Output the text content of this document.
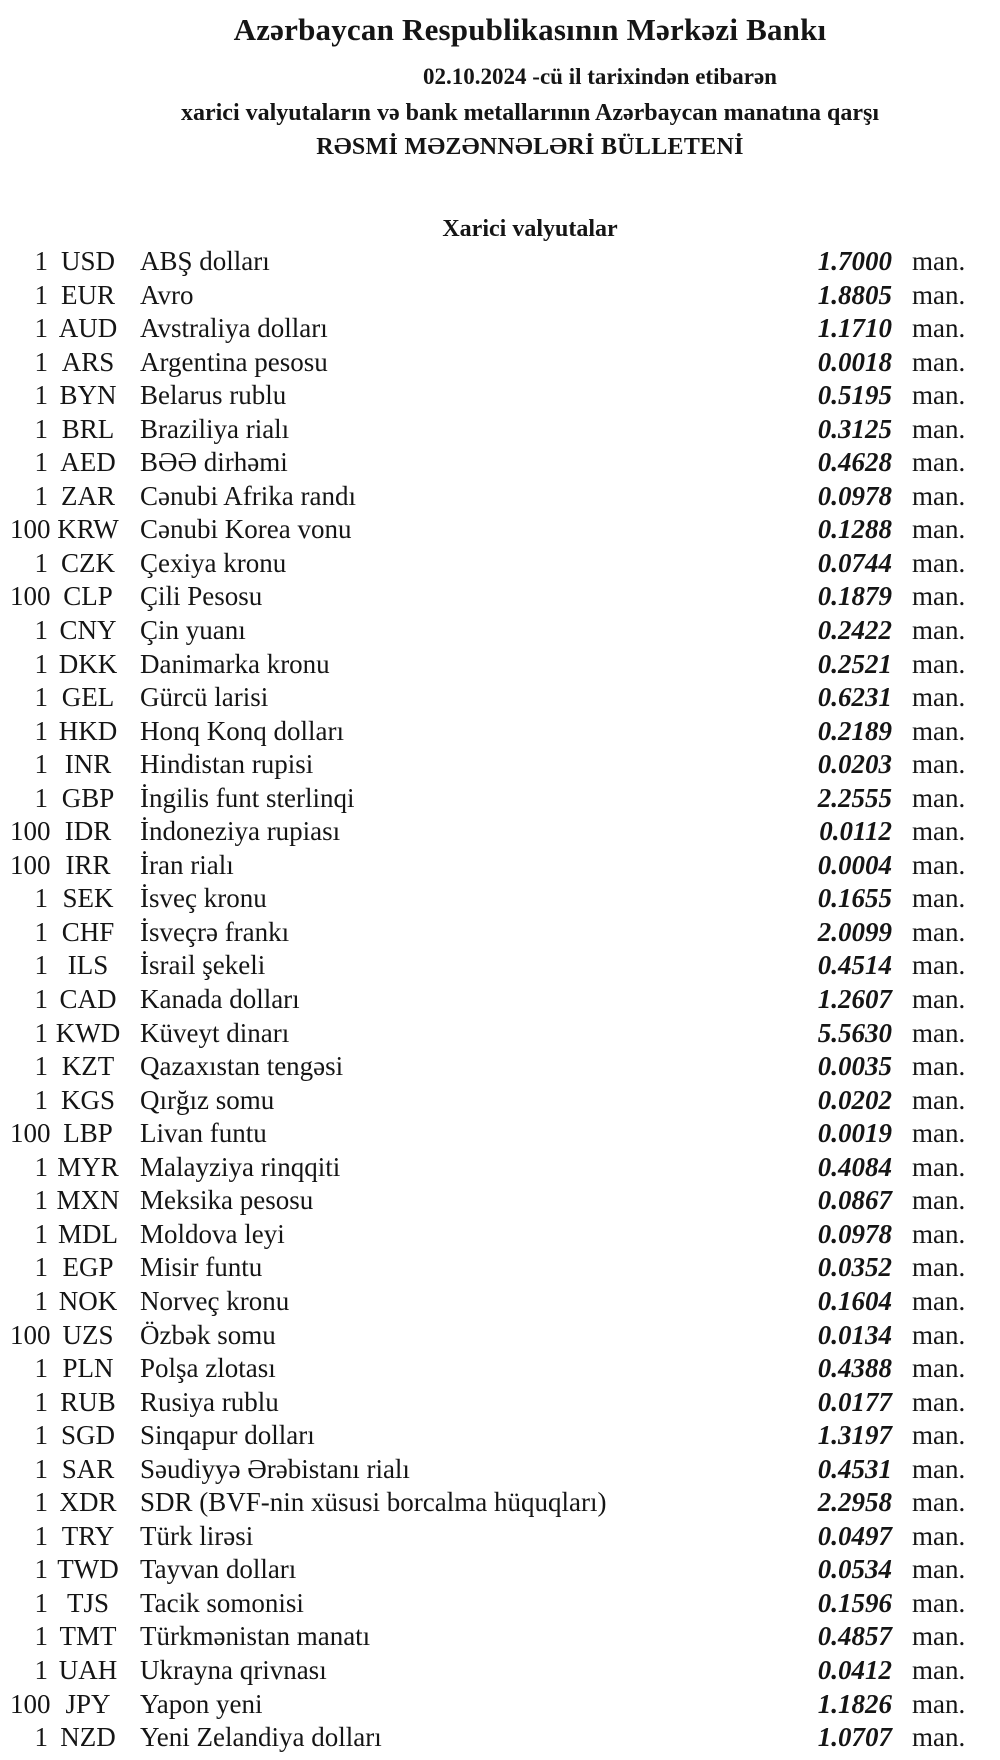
Azərbaycan Respublikasının Mərkəzi Bankı
02.10.2024 -cü il tarixindən etibarən
xarici valyutaların və bank metallarının Azərbaycan manatına qarşı
RƏSMİ MƏZƏNNƏLƏRİ BÜLLETENİ
Xarici valyutalar
1 USD ABŞ dolları	1.7000 man.
1 EUR Avro	1.8805 man.
1 AUD Avstraliya dolları	1.1710 man.
1 ARS Argentina pesosu	0.0018 man.
1 BYN Belarus rublu	0.5195 man.
1 BRL Braziliya rialı	0.3125 man.
1 AED BƏƏ dirhəmi	0.4628 man.
1 ZAR Cənubi Afrika randı	0.0978 man.
100 KRW Cənubi Korea vonu	0.1288 man.
1 CZK Çexiya kronu	0.0744 man.
100 CLP	Çili Pesosu	0.1879 man.
1 CNY Çin yuanı	0.2422 man.
1 DKK Danimarka kronu	0.2521 man.
1 GEL Gürcü larisi	0.6231 man.
1 HKD Honq Konq dolları	0.2189 man.
1 INR	Hindistan rupisi	0.0203 man.
1 GBP İngilis funt sterlinqi	2.2555 man.
100 IDR	İndoneziya rupiası	0.0112 man.
100 IRR	İran rialı	0.0004 man.
1 SEK İsveç kronu	0.1655 man.
1 CHF İsveçrə frankı	2.0099 man.
1 ILS	İsrail şekeli	0.4514 man.
1 CAD Kanada dolları	1.2607 man.
1 KWD Küveyt dinarı	5.5630 man.
1 KZT Qazaxıstan tengəsi	0.0035 man.
1 KGS Qırğız somu	0.0202 man.
100 LBP	Livan funtu	0.0019 man.
1 MYR Malayziya rinqqiti	0.4084 man.
1 MXN Meksika pesosu	0.0867 man.
1 MDL Moldova leyi	0.0978 man.
1 EGP Misir funtu	0.0352 man.
1 NOK Norveç kronu	0.1604 man.
100 UZS Özbək somu	0.0134 man.
1 PLN Polşa zlotası	0.4388 man.
1 RUB Rusiya rublu	0.0177 man.
1 SGD Sinqapur dolları	1.3197 man.
1 SAR Səudiyyə Ərəbistanı rialı	0.4531 man.
1 XDR SDR (BVF-nin xüsusi borcalma hüquqları)	2.2958 man.
1 TRY Türk lirəsi	0.0497 man.
1 TWD Tayvan dolları	0.0534 man.
1 TJS	Tacik somonisi	0.1596 man.
1 TMT Türkmənistan manatı	0.4857 man.
1 UAH Ukrayna qrivnası	0.0412 man.
100 JPY	Yapon yeni	1.1826 man.
1 NZD Yeni Zelandiya dolları	1.0707 man.
